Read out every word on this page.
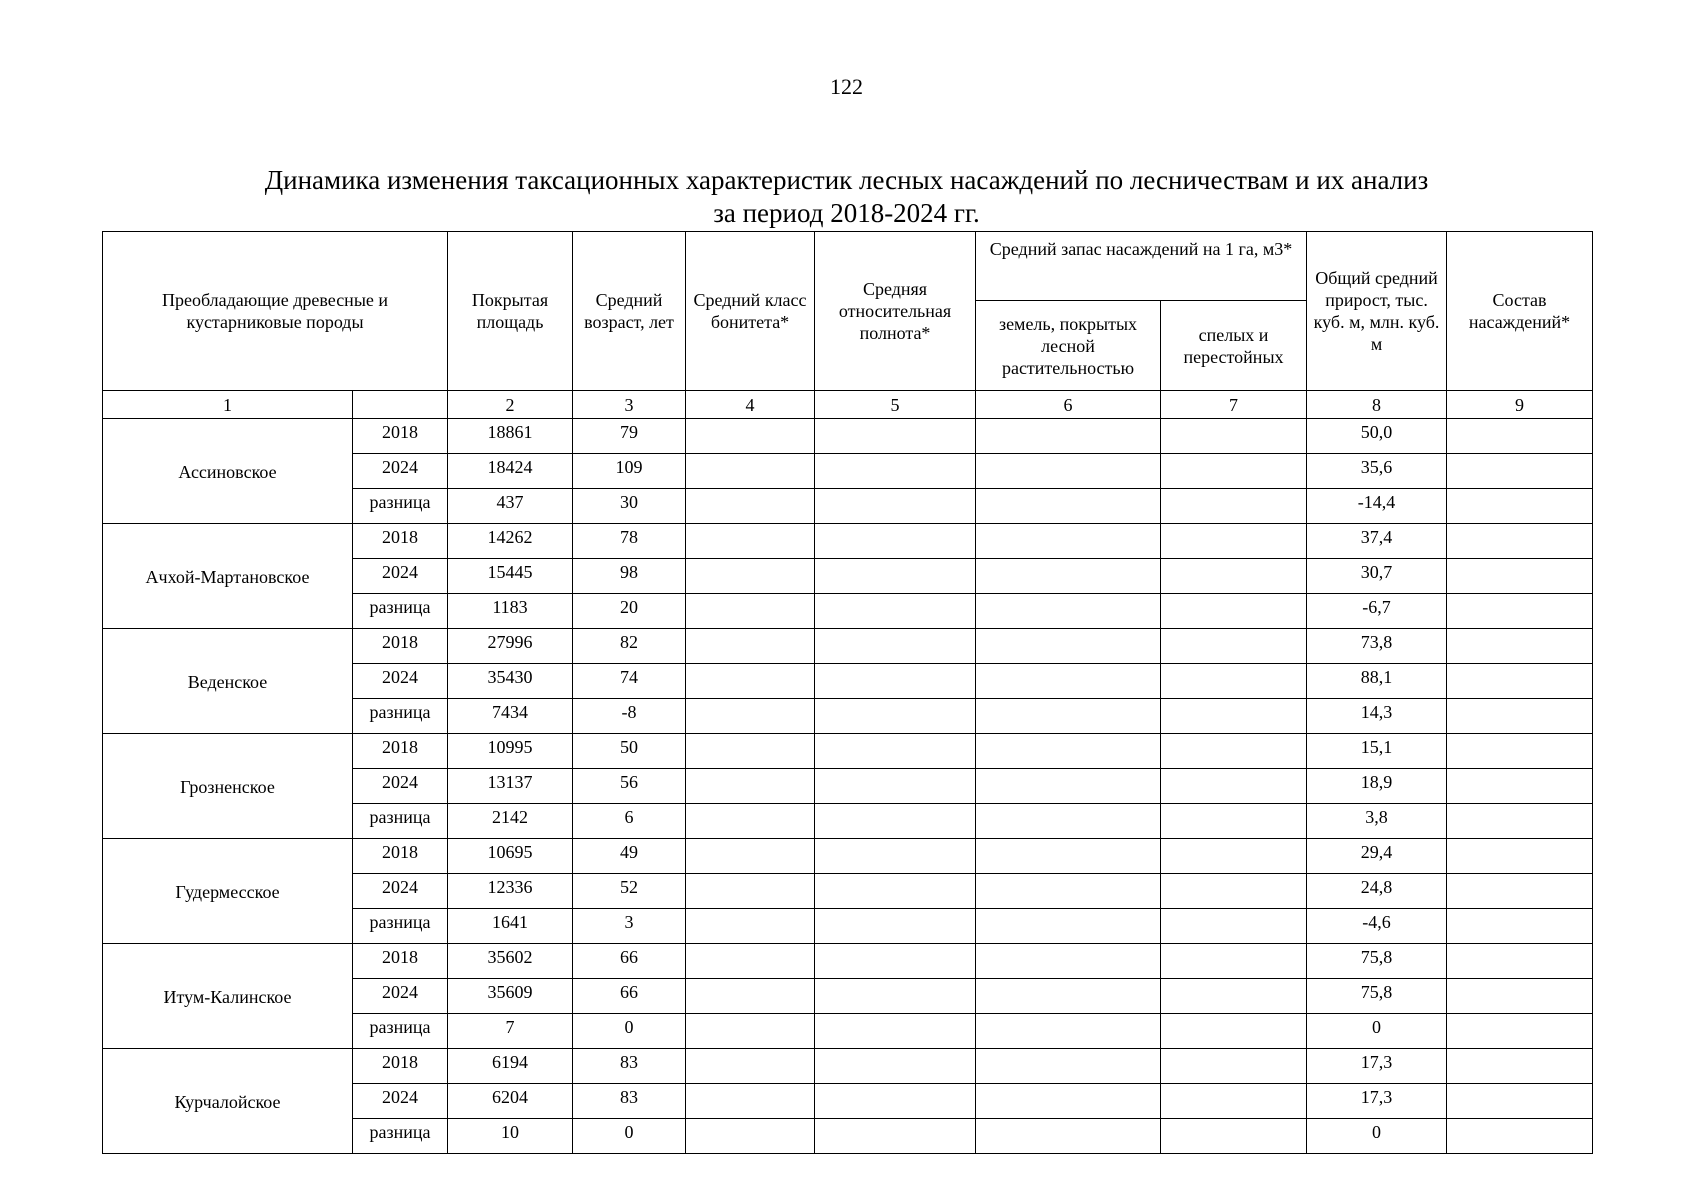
122
Динамика изменения таксационных характеристик лесных насаждений по лесничествам и их анализ
за период 2018-2024 гг.
Преобладающие древесные и кустарниковые породы		Покрытая площадь	Средний возраст, лет	Средний класс бонитета*	Средняя относительная полнота*	Средний запас насаждений на 1 га, м3*		Общий средний прирост, тыс. куб. м, млн. куб. м	Состав насаждений*
						земель, покрытых лесной растительностью	спелых и перестойных		
1		2	3	4	5	6	7	8	9
Ассиновское	2018	18861	79					50,0	
	2024	18424	109					35,6	
	разница	437	30					-14,4	
Ачхой-Мартановское	2018	14262	78					37,4	
	2024	15445	98					30,7	
	разница	1183	20					-6,7	
Веденское	2018	27996	82					73,8	
	2024	35430	74					88,1	
	разница	7434	-8					14,3	
Грозненское	2018	10995	50					15,1	
	2024	13137	56					18,9	
	разница	2142	6					3,8	
Гудермесское	2018	10695	49					29,4	
	2024	12336	52					24,8	
	разница	1641	3					-4,6	
Итум-Калинское	2018	35602	66					75,8	
	2024	35609	66					75,8	
	разница	7	0					0	
Курчалойское	2018	6194	83					17,3	
	2024	6204	83					17,3	
	разница	10	0					0	
